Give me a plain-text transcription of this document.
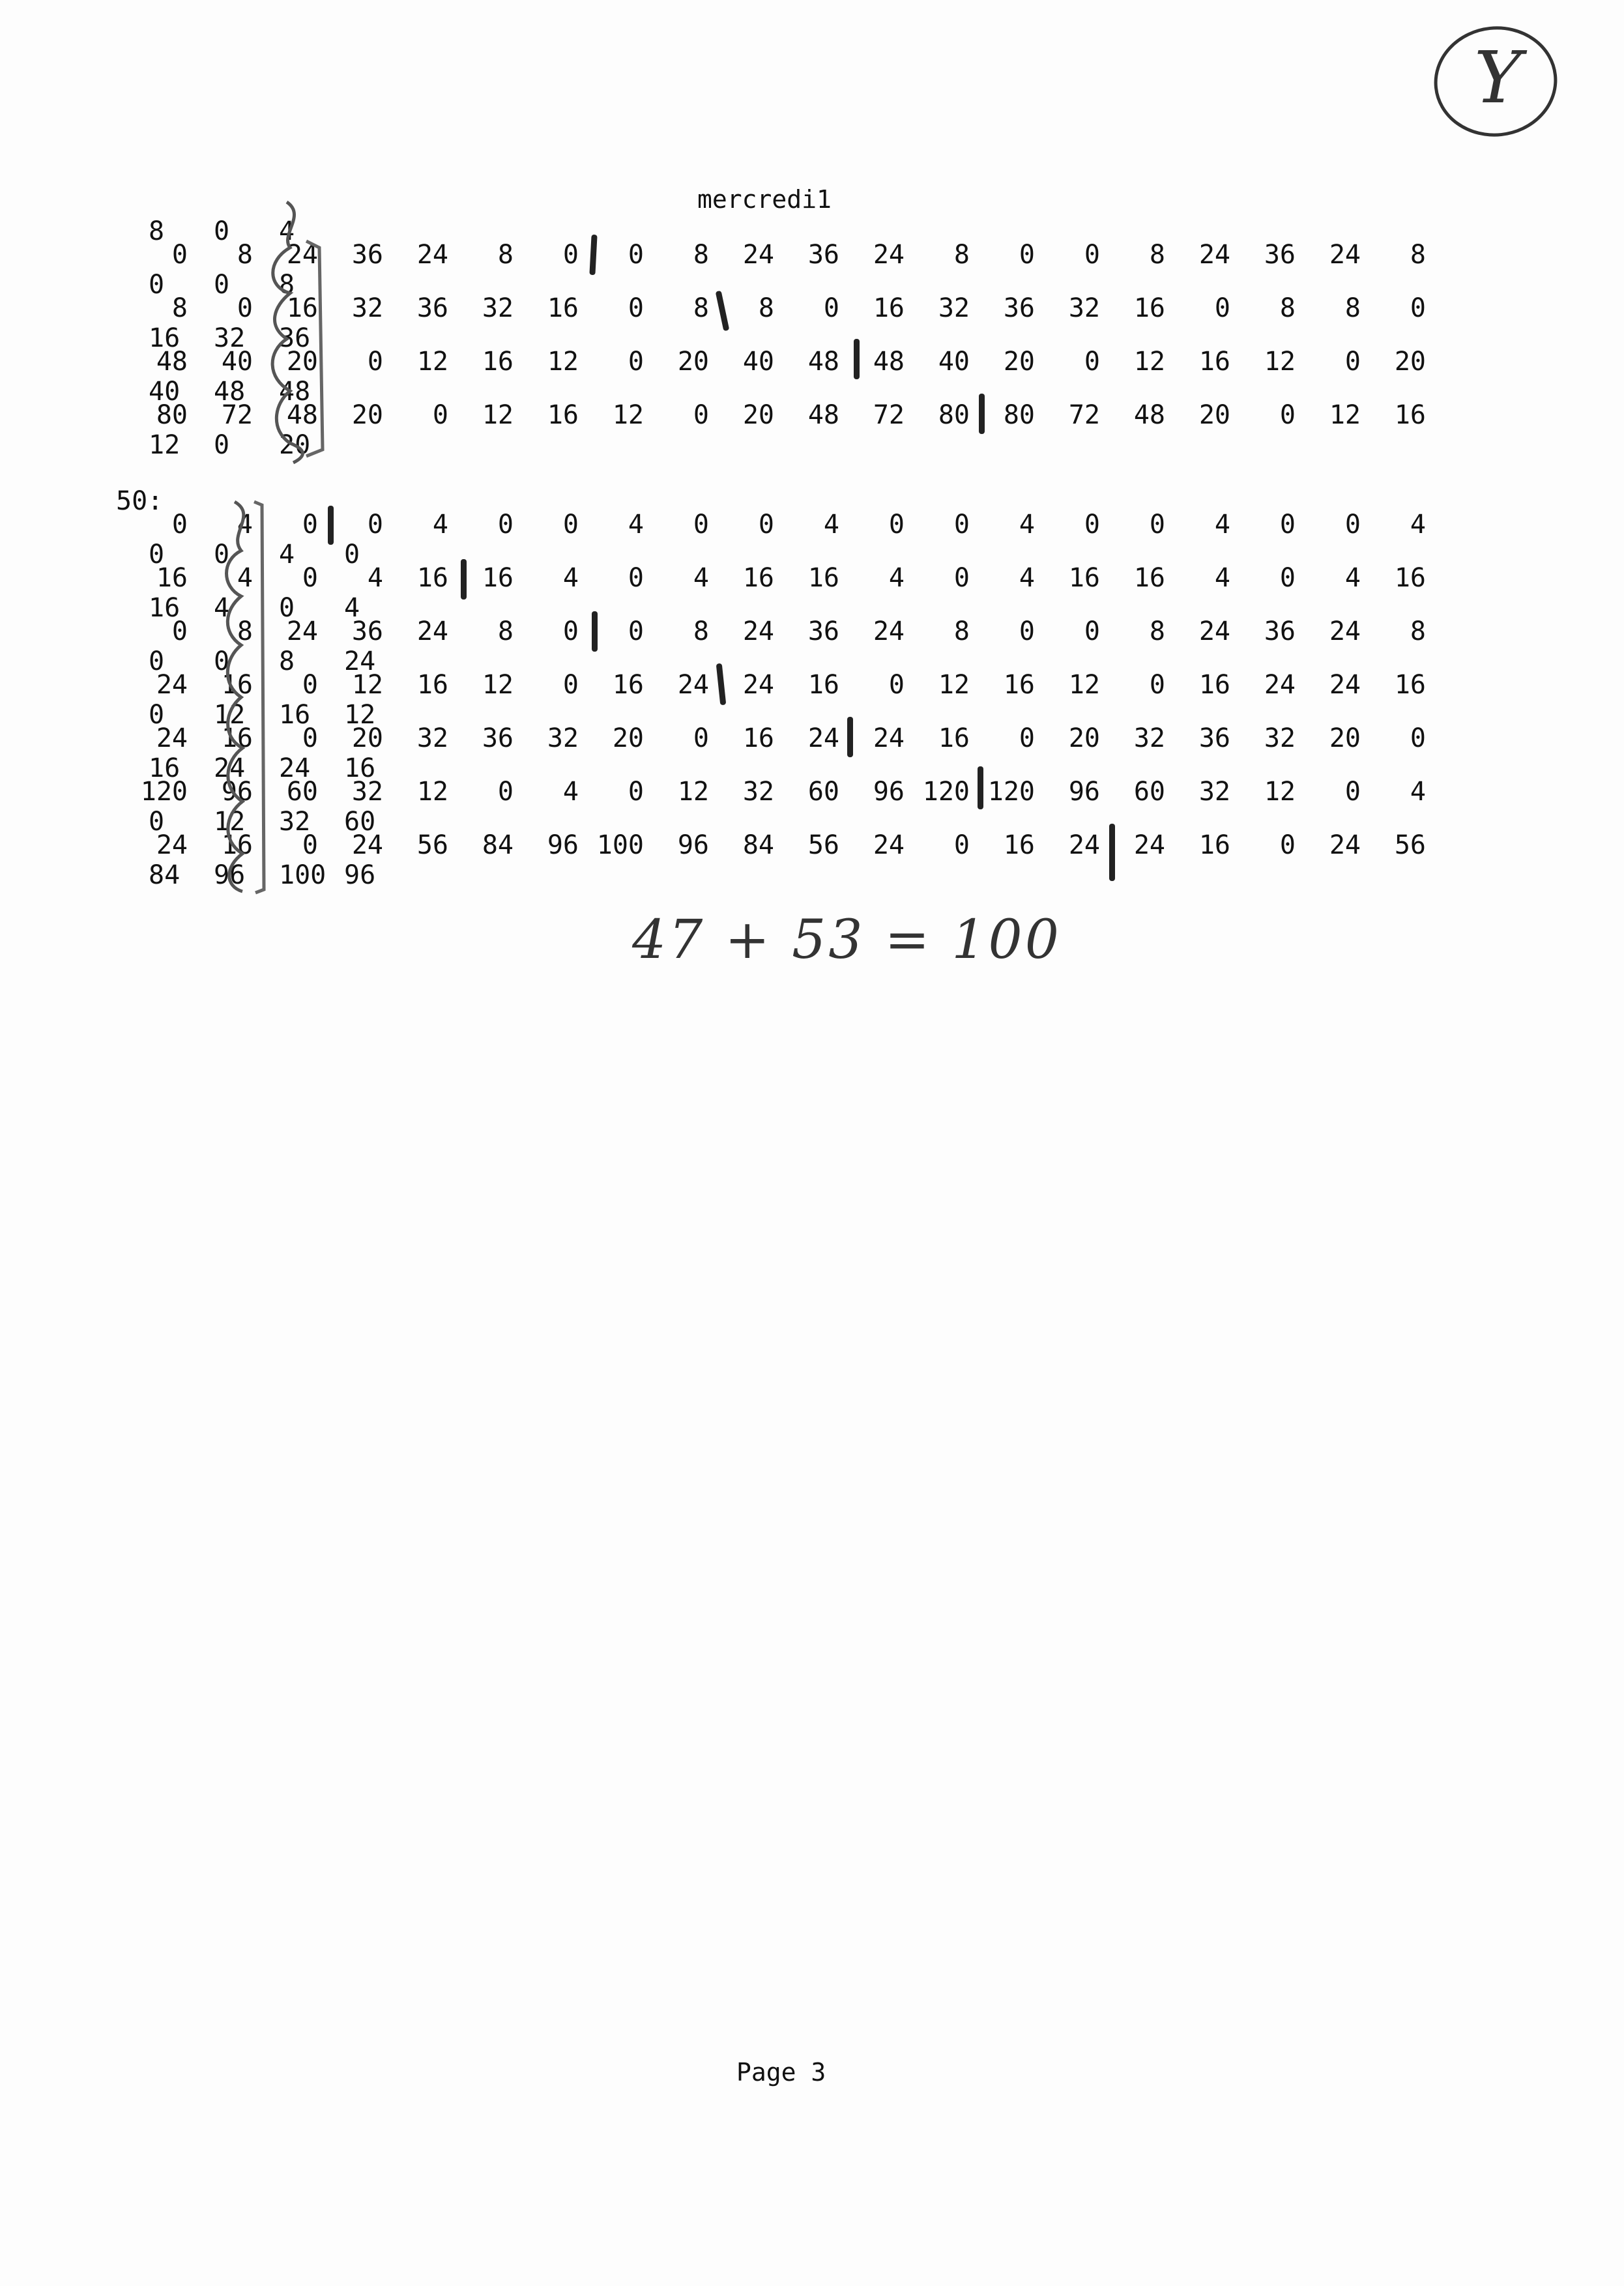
mercredi1
50:
8 0 4
0	8	24	36	24	8	0	0	8	24	36	24	8	0	0	8	24	36	24	8
0 0 8
8	0	16	32	36	32	16	0	8	8	0	16	32	36	32	16	0	8	8	0
16 32 36
48	40	20	0	12	16	12	0	20	40	48	48	40	20	0	12	16	12	0	20
40 48 48
80	72	48	20	0	12	16	12	0	20	48	72	80	80	72	48	20	0	12	16
12 0 20
0	4	0	0	4	0	0	4	0	0	4	0	0	4	0	0	4	0	0	4
0 0 4 0
16	4	0	4	16	16	4	0	4	16	16	4	0	4	16	16	4	0	4	16
16 4 0 4
0	8	24	36	24	8	0	0	8	24	36	24	8	0	0	8	24	36	24	8
0 0 8 24
24	16	0	12	16	12	0	16	24	24	16	0	12	16	12	0	16	24	24	16
0 12 16 12
24	16	0	20	32	36	32	20	0	16	24	24	16	0	20	32	36	32	20	0
16 24 24 16
120	96	60	32	12	0	4	0	12	32	60	96 120 120	96	60	32	12	0	4
0 12 32 60
24	16	0	24	56	84	96 100	96	84	56	24	0	16	24	24	16	0	24	56
84 96 100 96
47 + 53 = 100
Y
Page 3
